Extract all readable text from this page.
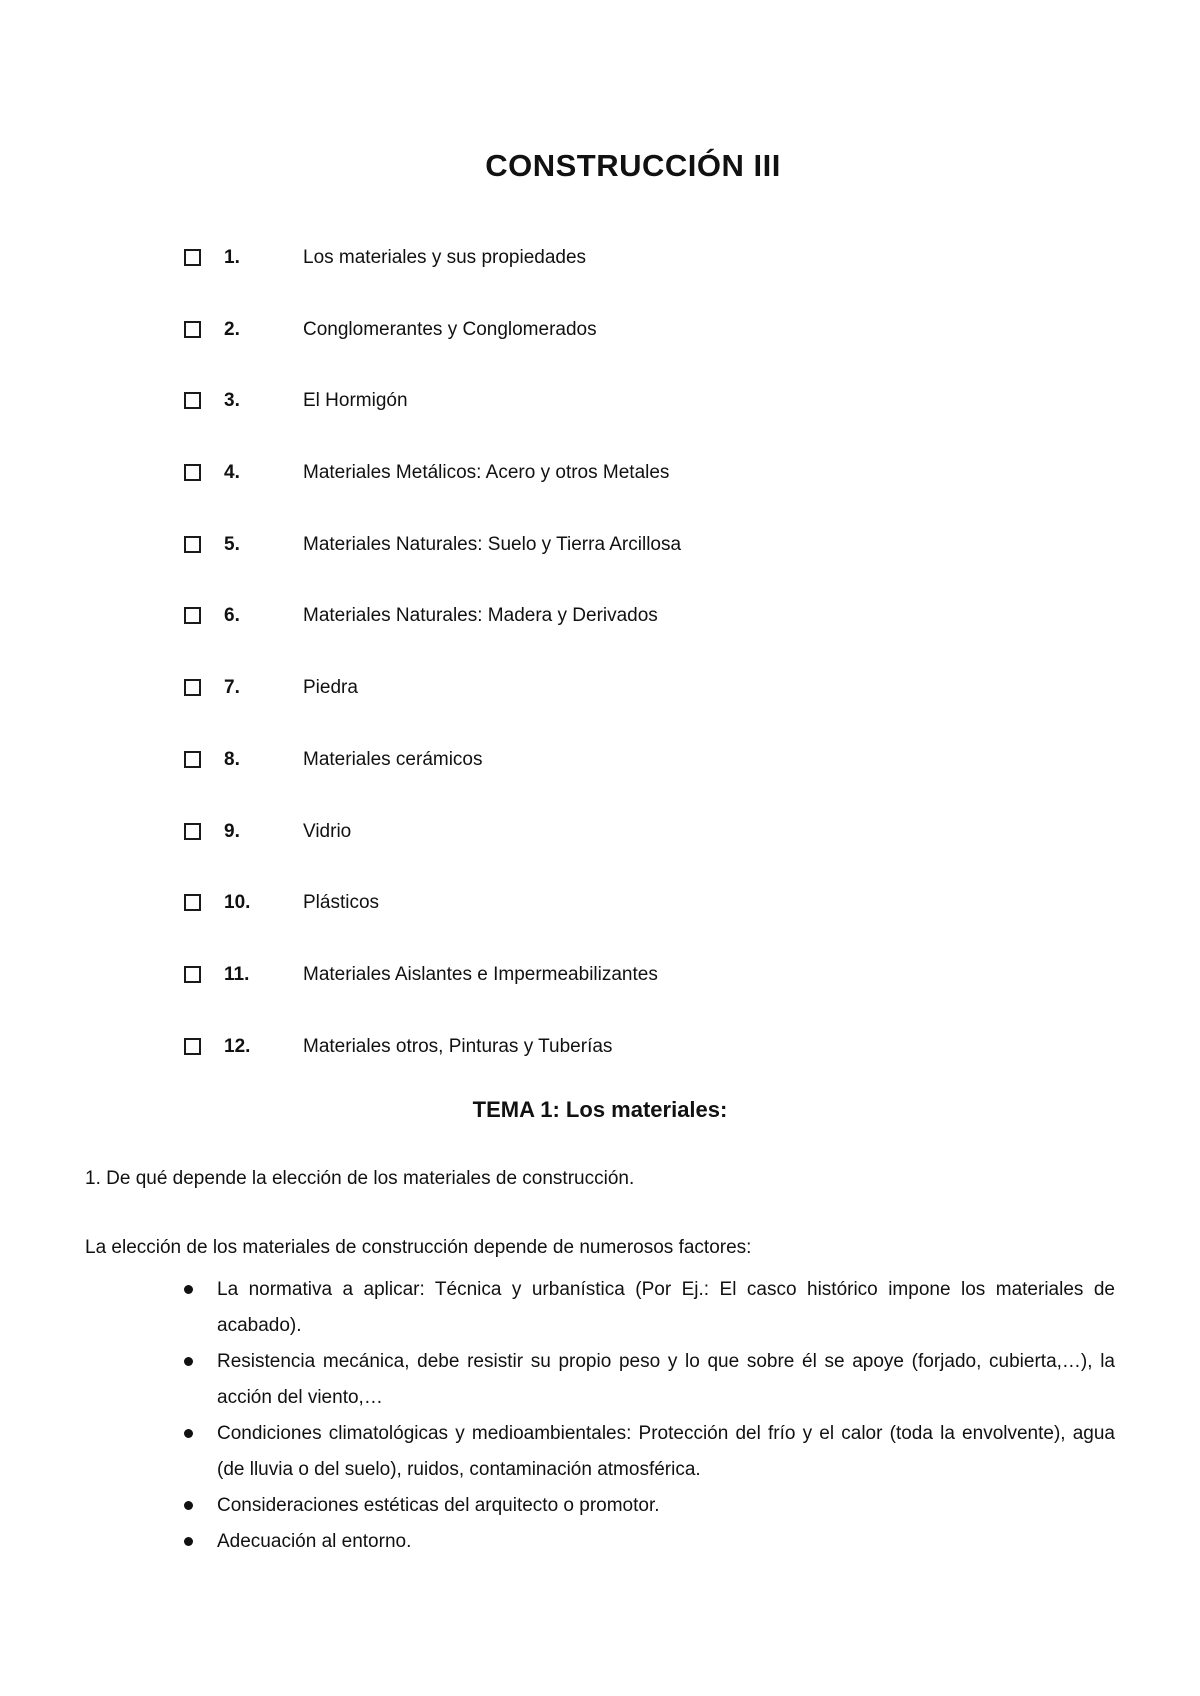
CONSTRUCCIÓN III
1.	Los materiales y sus propiedades
2.	Conglomerantes y Conglomerados
3.	El Hormigón
4.	Materiales Metálicos: Acero y otros Metales
5.	Materiales Naturales: Suelo y Tierra Arcillosa
6.	Materiales Naturales: Madera y Derivados
7.	Piedra
8.	Materiales cerámicos
9.	Vidrio
10.	Plásticos
11.	Materiales Aislantes e Impermeabilizantes
12.	Materiales otros, Pinturas y Tuberías
TEMA 1: Los materiales:

1. De qué depende la elección de los materiales de construcción.

La elección de los materiales de construcción depende de numerosos factores:

La normativa a aplicar: Técnica y urbanística (Por Ej.: El casco histórico impone los materiales de acabado).
Resistencia mecánica, debe resistir su propio peso y lo que sobre él se apoye (forjado, cubierta,…), la acción del viento,…
Condiciones climatológicas y medioambientales: Protección del frío y el calor (toda la envolvente), agua (de lluvia o del suelo), ruidos, contaminación atmosférica.
Consideraciones estéticas del arquitecto o promotor.
Adecuación al entorno.
